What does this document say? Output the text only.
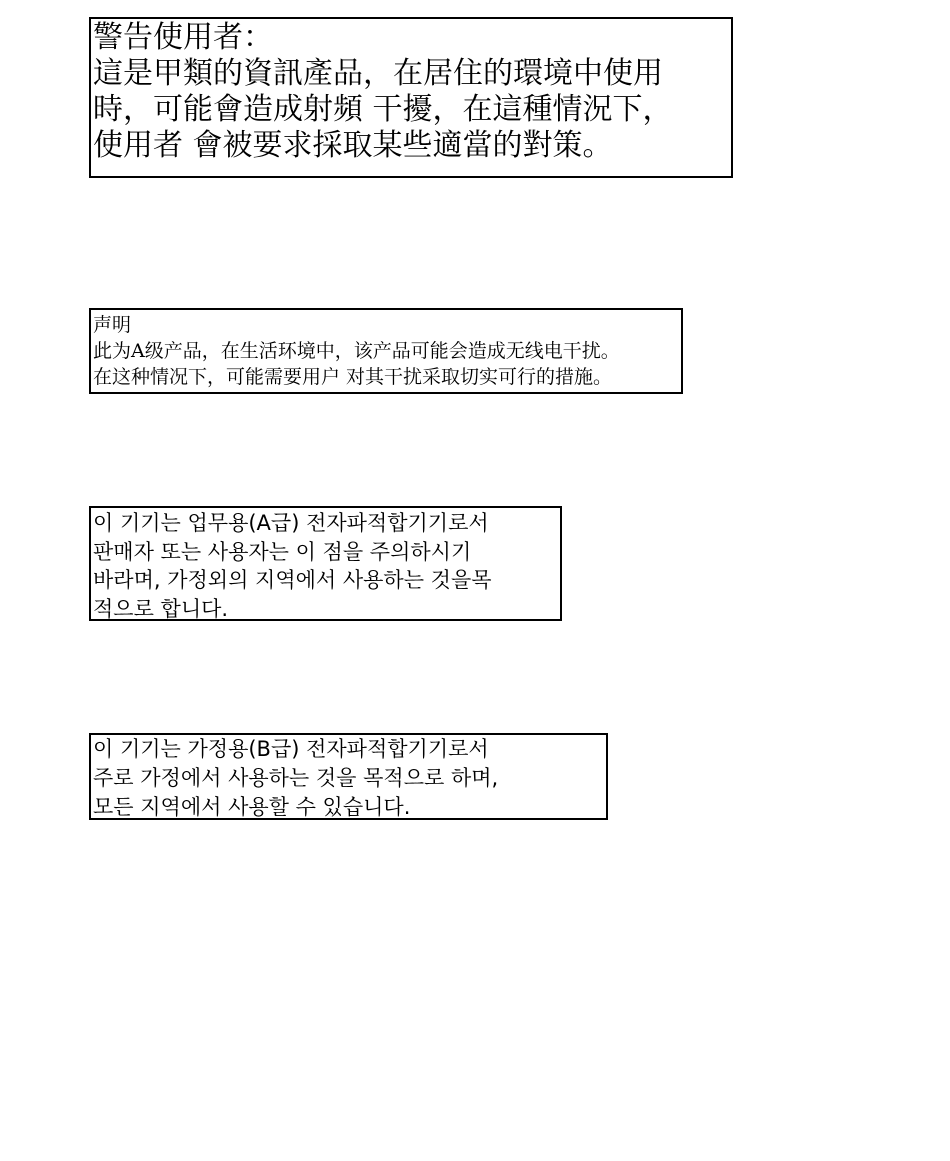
警告使用者：
這是甲類的資訊產品，在居住的環境中使用
時，可能會造成射頻 干擾，在這種情況下，
使用者 會被要求採取某些適當的對策。
声明
此为A级产品，在生活环境中，该产品可能会造成无线电干扰。
在这种情况下，可能需要用户 对其干扰采取切实可行的措施。
이 기기는 업무용(A급) 전자파적합기기로서
판매자 또는 사용자는 이 점을 주의하시기
바라며, 가정외의 지역에서 사용하는 것을목
적으로 합니다.
이 기기는 가정용(B급) 전자파적합기기로서
주로 가정에서 사용하는 것을 목적으로 하며,
모든 지역에서 사용할 수 있습니다.
